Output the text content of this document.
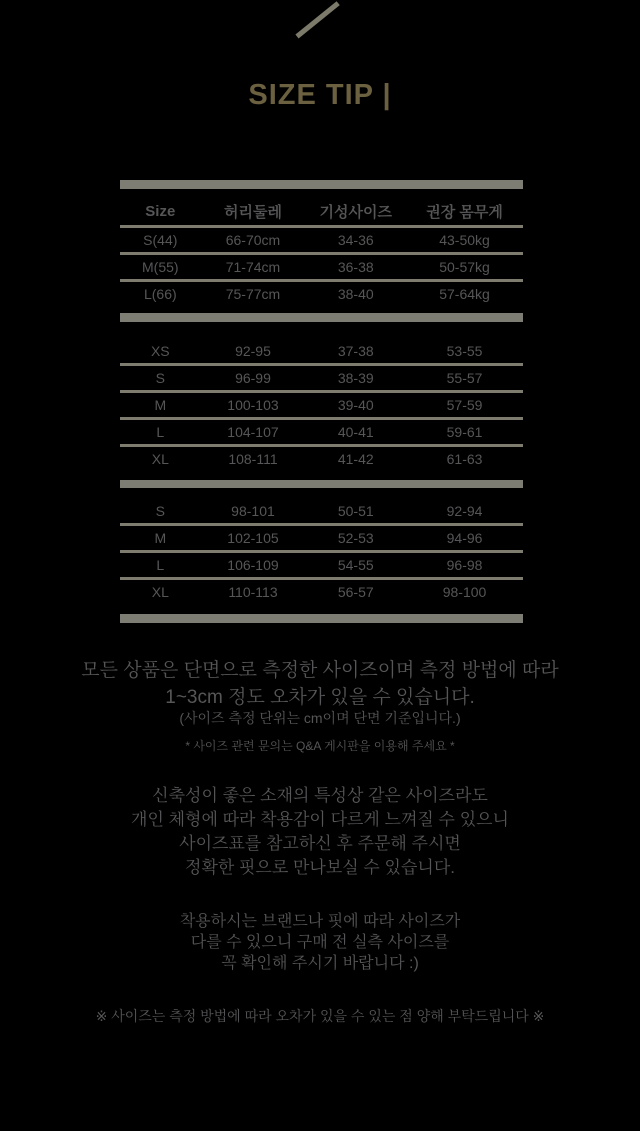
SIZE TIP |
Size	허리둘레	기성사이즈	권장 몸무게
S(44)	66-70cm	34-36	43-50kg
M(55)	71-74cm	36-38	50-57kg
L(66)	75-77cm	38-40	57-64kg
XS	92-95	37-38	53-55
S	96-99	38-39	55-57
M	100-103	39-40	57-59
L	104-107	40-41	59-61
XL	108-111	41-42	61-63
S	98-101	50-51	92-94
M	102-105	52-53	94-96
L	106-109	54-55	96-98
XL	110-113	56-57	98-100
모든 상품은 단면으로 측정한 사이즈이며 측정 방법에 따라
1~3cm 정도 오차가 있을 수 있습니다.
(사이즈 측정 단위는 cm이며 단면 기준입니다.)
* 사이즈 관련 문의는 Q&A 게시판을 이용해 주세요 *
신축성이 좋은 소재의 특성상 같은 사이즈라도
개인 체형에 따라 착용감이 다르게 느껴질 수 있으니
사이즈표를 참고하신 후 주문해 주시면
정확한 핏으로 만나보실 수 있습니다.
착용하시는 브랜드나 핏에 따라 사이즈가
다를 수 있으니 구매 전 실측 사이즈를
꼭 확인해 주시기 바랍니다 :)
※ 사이즈는 측정 방법에 따라 오차가 있을 수 있는 점 양해 부탁드립니다 ※
